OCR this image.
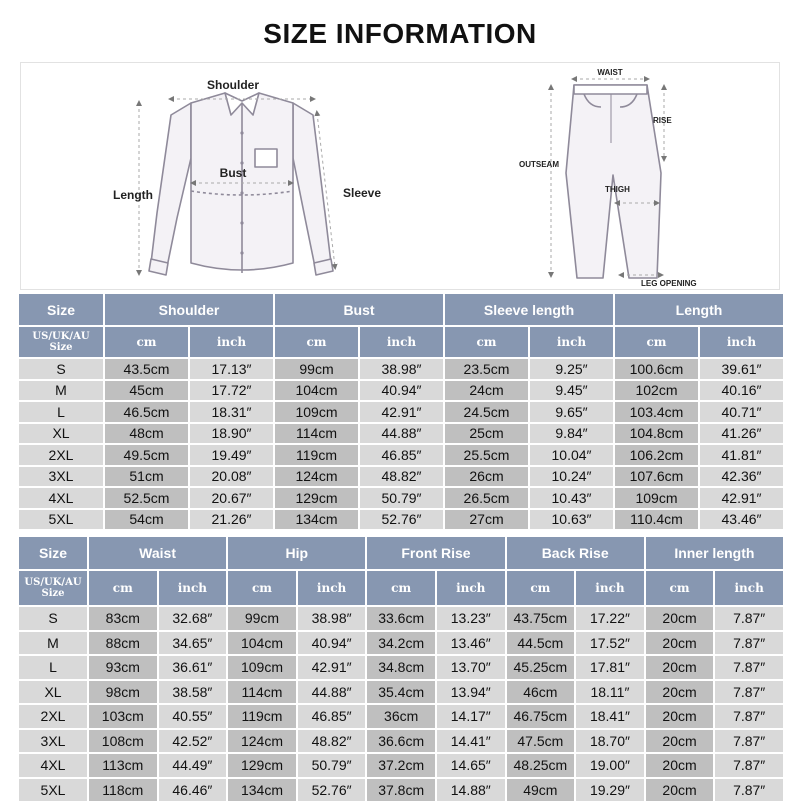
SIZE INFORMATION
Shoulder
Bust
Length	Sleeve
WAIST
RISE
OUTSEAM
THIGH
LEG OPENING
Size	Shoulder		Bust		Sleeve length		Length	

US/UK/AU
Size	cm	inch	cm	inch	cm	inch	cm	inch
S	43.5cm	17.13″	99cm	38.98″	23.5cm	9.25″	100.6cm	39.61″
M	45cm	17.72″	104cm	40.94″	24cm	9.45″	102cm	40.16″
L	46.5cm	18.31″	109cm	42.91″	24.5cm	9.65″	103.4cm	40.71″
XL	48cm	18.90″	114cm	44.88″	25cm	9.84″	104.8cm	41.26″
2XL	49.5cm	19.49″	119cm	46.85″	25.5cm	10.04″	106.2cm	41.81″
3XL	51cm	20.08″	124cm	48.82″	26cm	10.24″	107.6cm	42.36″
4XL	52.5cm	20.67″	129cm	50.79″	26.5cm	10.43″	109cm	42.91″
5XL	54cm	21.26″	134cm	52.76″	27cm	10.63″	110.4cm	43.46″
Size	Waist		Hip		Front Rise		Back Rise		Inner length	

US/UK/AU
Size	cm	inch	cm	inch	cm	inch	cm	inch	cm	inch
S	83cm	32.68″	99cm	38.98″	33.6cm	13.23″	43.75cm	17.22″	20cm	7.87″
M	88cm	34.65″	104cm	40.94″	34.2cm	13.46″	44.5cm	17.52″	20cm	7.87″
L	93cm	36.61″	109cm	42.91″	34.8cm	13.70″	45.25cm	17.81″	20cm	7.87″
XL	98cm	38.58″	114cm	44.88″	35.4cm	13.94″	46cm	18.11″	20cm	7.87″
2XL	103cm	40.55″	119cm	46.85″	36cm	14.17″	46.75cm	18.41″	20cm	7.87″
3XL	108cm	42.52″	124cm	48.82″	36.6cm	14.41″	47.5cm	18.70″	20cm	7.87″
4XL	113cm	44.49″	129cm	50.79″	37.2cm	14.65″	48.25cm	19.00″	20cm	7.87″
5XL	118cm	46.46″	134cm	52.76″	37.8cm	14.88″	49cm	19.29″	20cm	7.87″
